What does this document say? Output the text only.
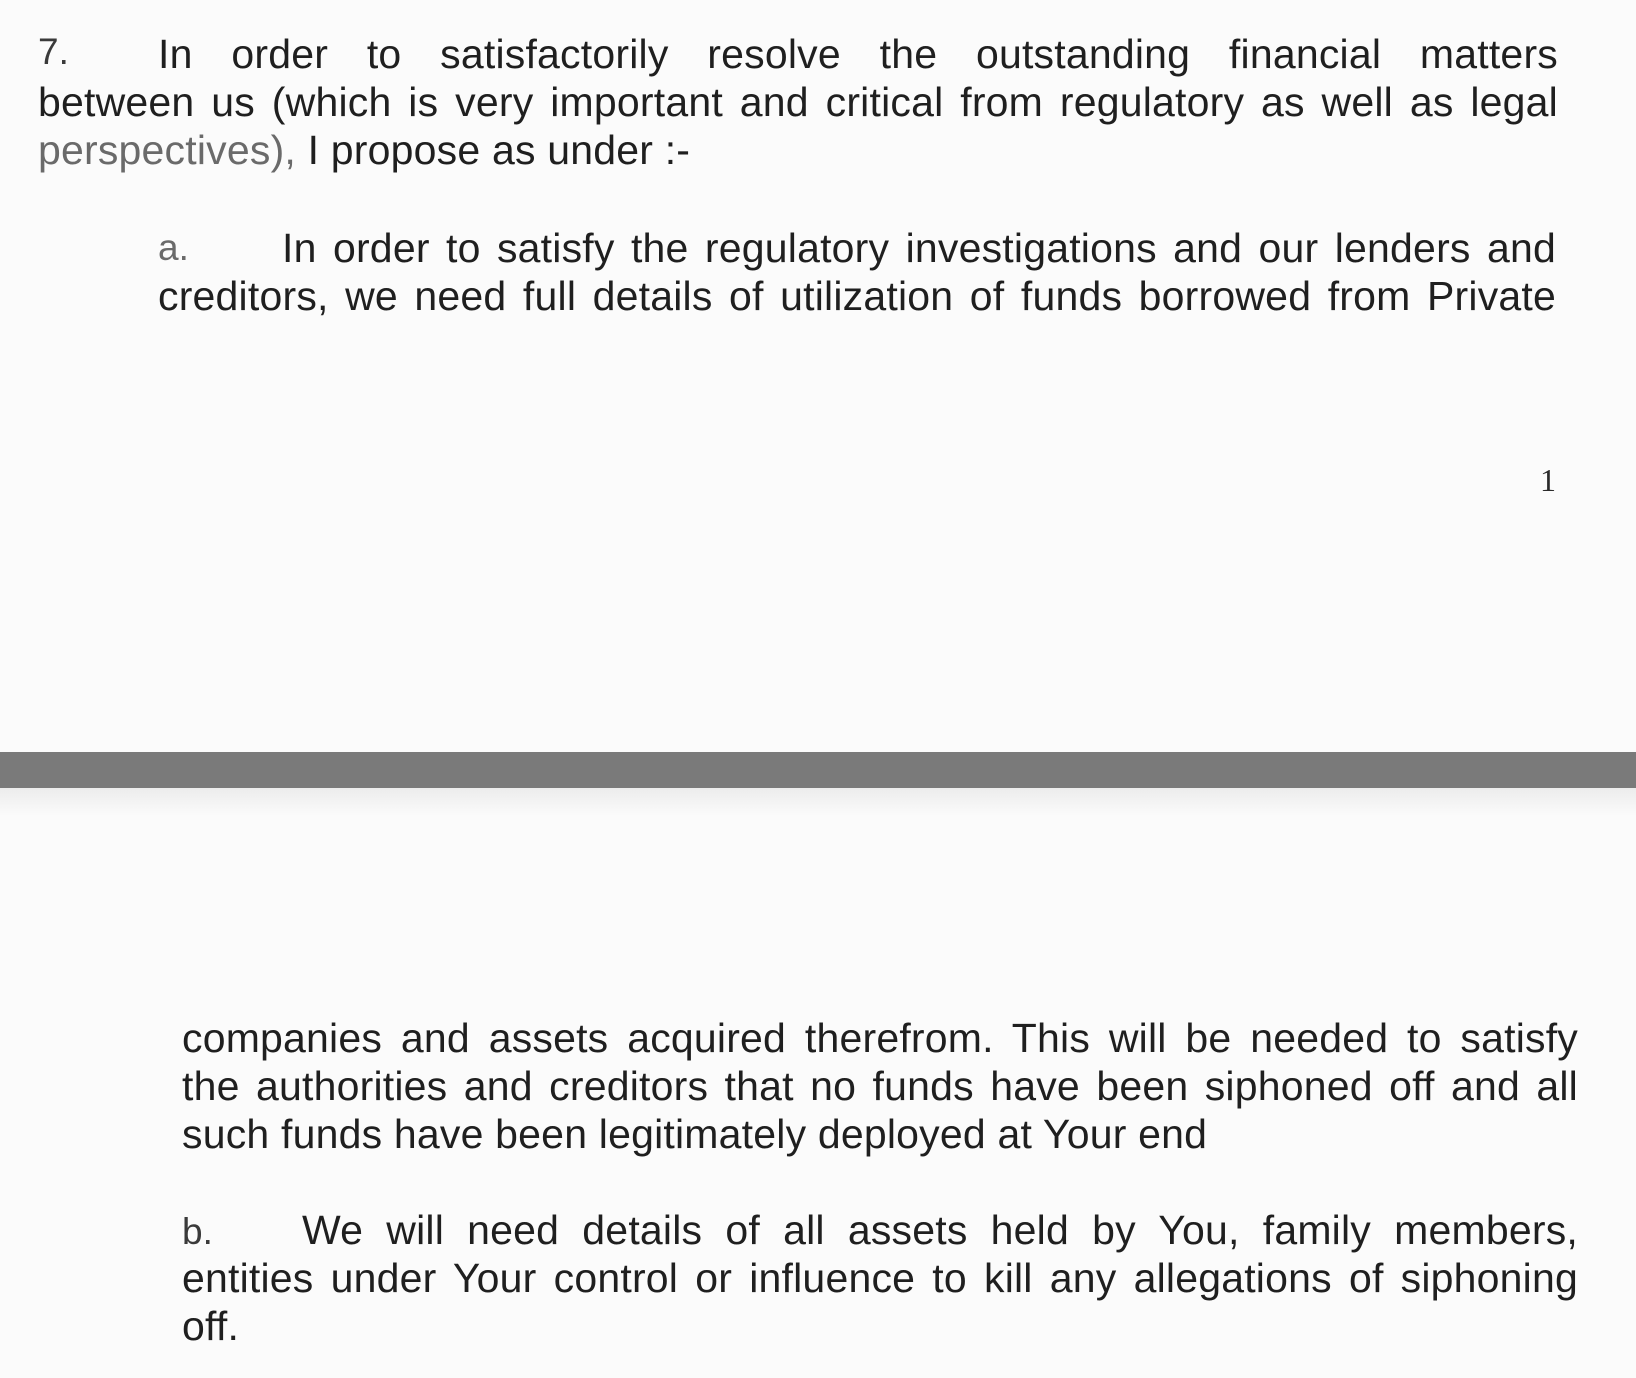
7. In order to satisfactorily resolve the outstanding financial matters
between us (which is very important and critical from regulatory as well as legal
perspectives), I propose as under :-
a. In order to satisfy the regulatory investigations and our lenders and
creditors, we need full details of utilization of funds borrowed from Private
1
companies and assets acquired therefrom. This will be needed to satisfy
the authorities and creditors that no funds have been siphoned off and all
such funds have been legitimately deployed at Your end
b. We will need details of all assets held by You, family members,
entities under Your control or influence to kill any allegations of siphoning
off.
